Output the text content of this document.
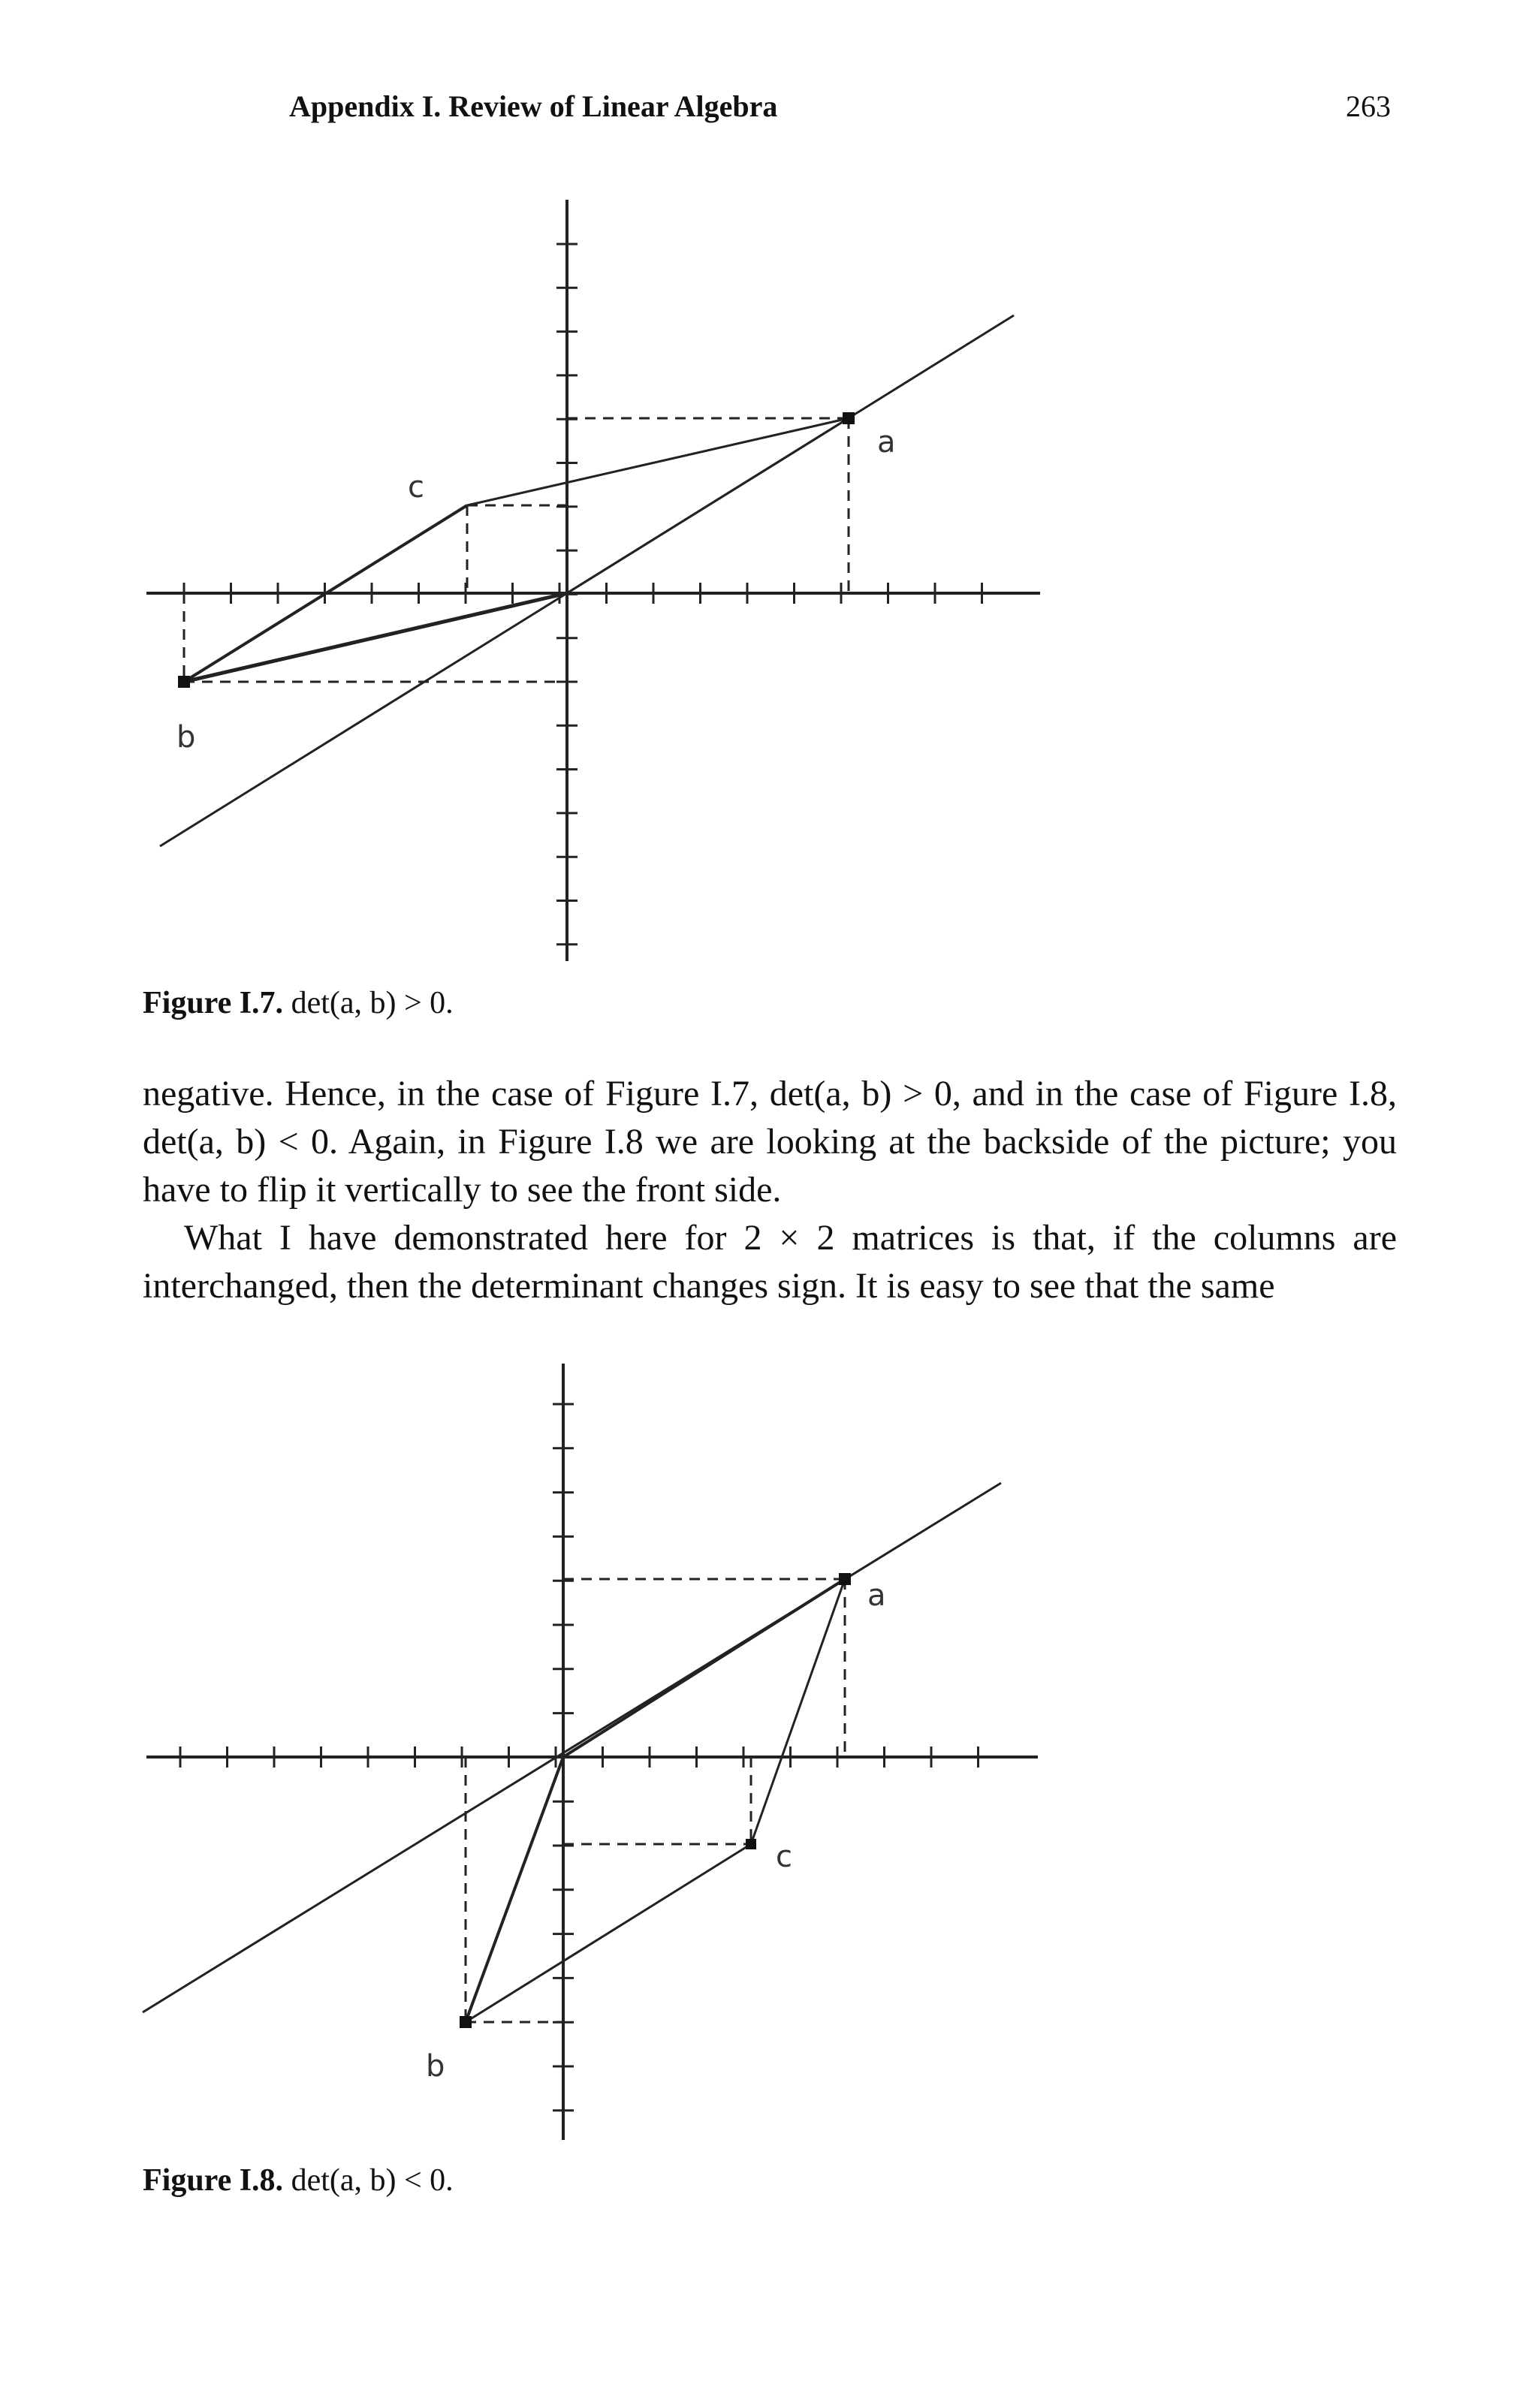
Appendix I. Review of Linear Algebra	263
a
b
c
Figure I.7. det(a, b) > 0.
negative. Hence, in the case of Figure I.7, det(a, b) > 0, and in the case of Figure I.8, det(a, b) < 0. Again, in Figure I.8 we are looking at the backside of the picture; you have to flip it vertically to see the front side.
What I have demonstrated here for 2 × 2 matrices is that, if the columns are interchanged, then the determinant changes sign. It is easy to see that the same
a
b
c
Figure I.8. det(a, b) < 0.
